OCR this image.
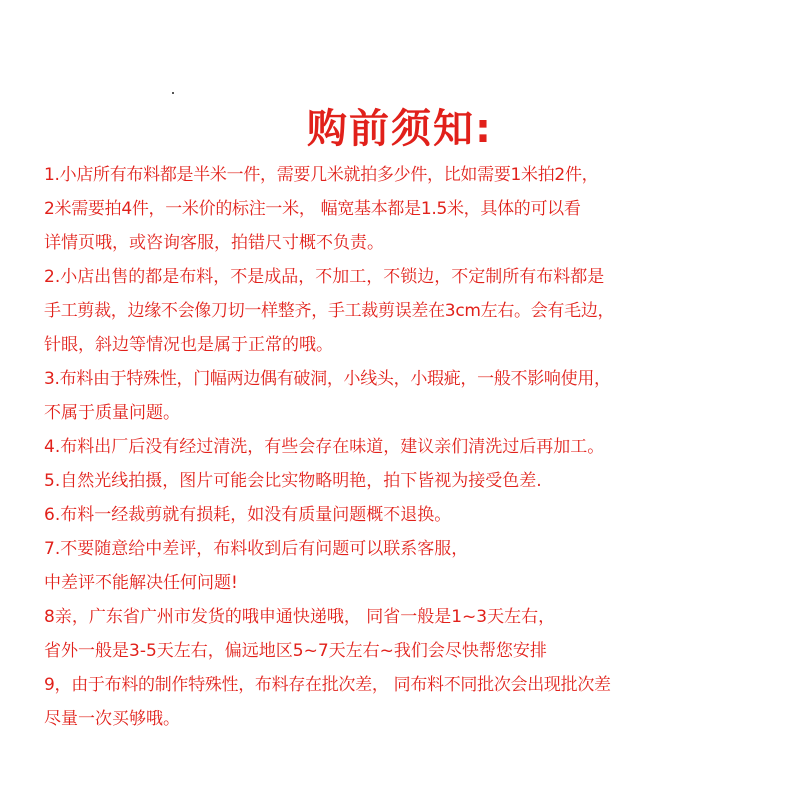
购前须知:
1.小店所有布料都是半米一件，需要几米就拍多少件，比如需要1米拍2件，
2米需要拍4件，一米价的标注一米， 幅宽基本都是1.5米，具体的可以看
详情页哦，或咨询客服，拍错尺寸概不负责。
2.小店出售的都是布料，不是成品，不加工，不锁边，不定制所有布料都是
手工剪裁，边缘不会像刀切一样整齐，手工裁剪误差在3cm左右。会有毛边，
针眼，斜边等情况也是属于正常的哦。
3.布料由于特殊性，门幅两边偶有破洞，小线头，小瑕疵，一般不影响使用，
不属于质量问题。
4.布料出厂后没有经过清洗，有些会存在味道，建议亲们清洗过后再加工。
5.自然光线拍摄，图片可能会比实物略明艳，拍下皆视为接受色差.
6.布料一经裁剪就有损耗，如没有质量问题概不退换。
7.不要随意给中差评，布料收到后有问题可以联系客服，
中差评不能解决任何问题!
8亲，广东省广州市发货的哦申通快递哦， 同省一般是1~3天左右，
省外一般是3-5天左右，偏远地区5~7天左右~我们会尽快帮您安排
9，由于布料的制作特殊性，布料存在批次差， 同布料不同批次会出现批次差
尽量一次买够哦。
